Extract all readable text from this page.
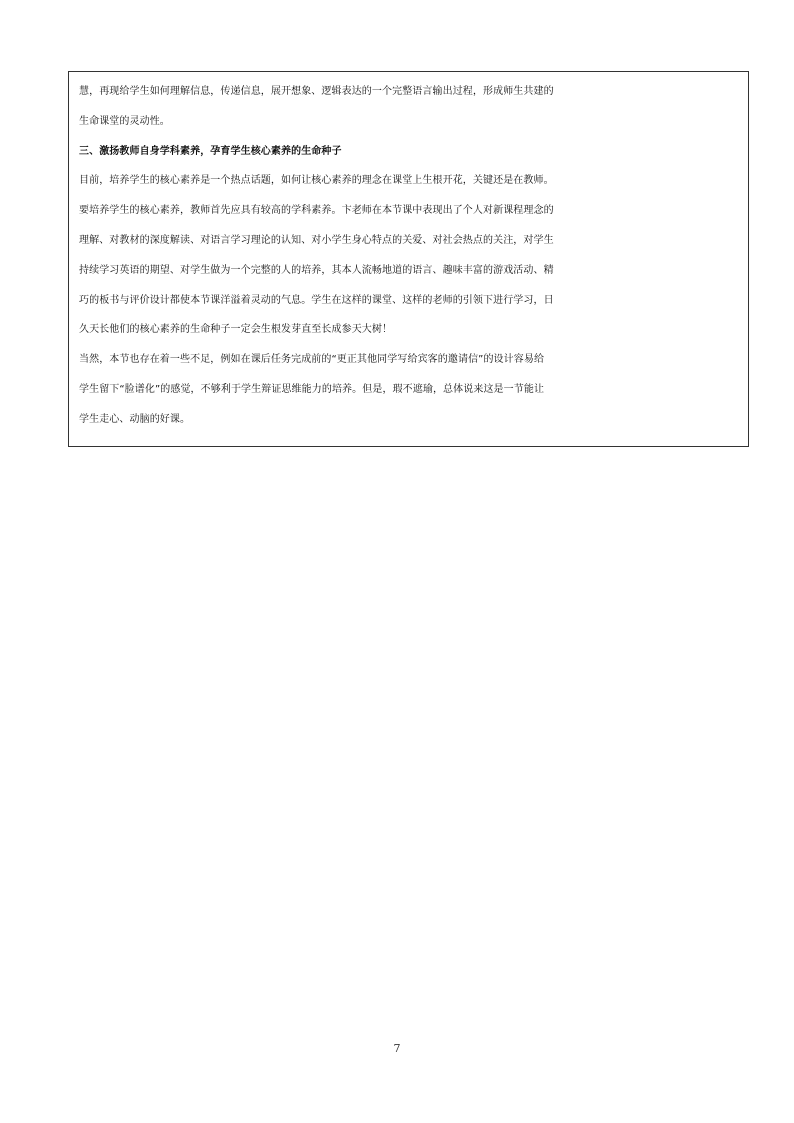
慧，再现给学生如何理解信息，传递信息，展开想象、逻辑表达的一个完整语言输出过程，形成师生共建的
生命课堂的灵动性。
三、激扬教师自身学科素养，孕育学生核心素养的生命种子
目前，培养学生的核心素养是一个热点话题，如何让核心素养的理念在课堂上生根开花，关键还是在教师。
要培养学生的核心素养，教师首先应具有较高的学科素养。卞老师在本节课中表现出了个人对新课程理念的
理解、对教材的深度解读、对语言学习理论的认知、对小学生身心特点的关爱、对社会热点的关注，对学生
持续学习英语的期望、对学生做为一个完整的人的培养，其本人流畅地道的语言、趣味丰富的游戏活动、精
巧的板书与评价设计都使本节课洋溢着灵动的气息。学生在这样的课堂、这样的老师的引领下进行学习，日
久天长他们的核心素养的生命种子一定会生根发芽直至长成参天大树！
当然，本节也存在着一些不足，例如在课后任务完成前的“更正其他同学写给宾客的邀请信”的设计容易给
学生留下“脸谱化”的感觉，不够利于学生辩证思维能力的培养。但是，瑕不遮瑜，总体说来这是一节能让
学生走心、动脑的好课。
7
